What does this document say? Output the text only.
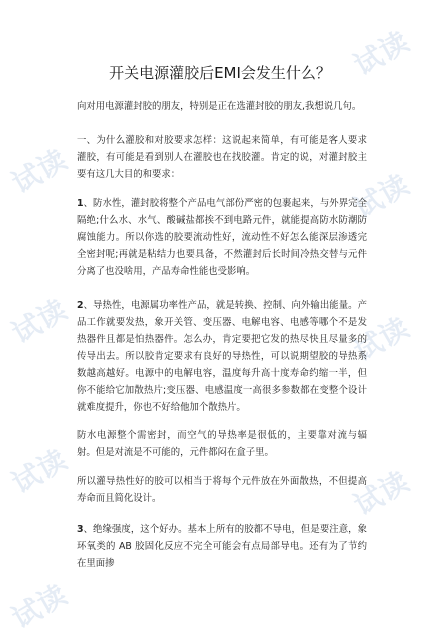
试读
试读	试读
试读	试读
试读	试读
试读
开关电源灌胶后EMI会发生什么？

向对用电源灌封胶的朋友，特别是正在选灌封胶的朋友,我想说几句。

一、为什么灌胶和对胶要求怎样：这说起来简单，有可能是客人要求灌胶，有可能是看到别人在灌胶也在找胶灌。肯定的说，对灌封胶主要有这几大目的和要求：

1、防水性，灌封胶将整个产品电气部份严密的包裹起来，与外界完全隔绝;什么水、水气、酸碱盐都挨不到电路元件，就能提高防水防潮防腐蚀能力。所以你选的胶要流动性好，流动性不好怎么能深层渗透完全密封呢;再就是粘结力也要具备，不然灌封后长时间冷热交替与元件分离了也没啥用，产品寿命性能也受影响。

2、导热性，电源属功率性产品，就是转换、控制、向外输出能量。产品工作就要发热，象开关管、变压器、电解电容、电感等哪个不是发热器件且都是怕热器件。怎么办，肯定要把它发的热尽快且尽量多的传导出去。所以胶肯定要求有良好的导热性，可以说期望胶的导热系数越高越好。电源中的电解电容，温度每升高十度寿命约缩一半，但你不能给它加散热片;变压器、电感温度一高很多参数都在变整个设计就难度提升，你也不好给他加个散热片。

防水电源整个需密封，而空气的导热率是很低的，主要靠对流与辐射。但是对流是不可能的，元件都闷在盒子里。

所以灌导热性好的胶可以相当于将每个元件放在外面散热，不但提高寿命而且简化设计。

3、绝缘强度，这个好办。基本上所有的胶都不导电，但是要注意，象环氧类的 AB 胶固化反应不完全可能会有点局部导电。还有为了节约在里面掺
